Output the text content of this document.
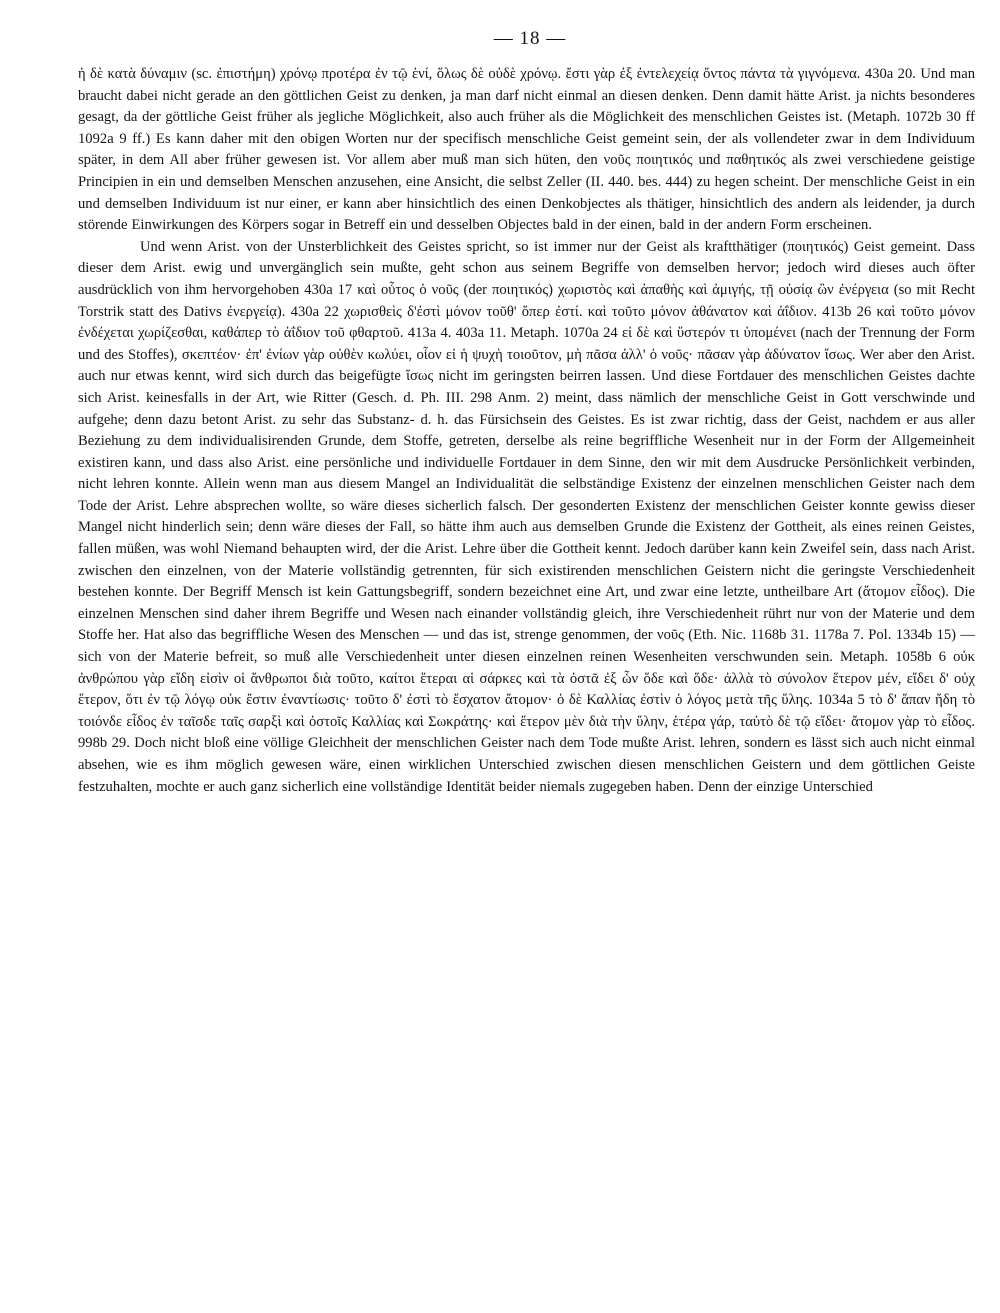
— 18 —

ἡ δὲ κατὰ δύναμιν (sc. ἐπιστήμη) χρόνῳ προτέρα ἐν τῷ ἑνί, ὅλως δὲ οὐδὲ χρόνῳ. ἔστι γὰρ ἐξ ἐντελεχείᾳ ὄντος πάντα τὰ γιγνόμενα. 430a 20. Und man braucht dabei nicht gerade an den göttlichen Geist zu denken, ja man darf nicht einmal an diesen denken. Denn damit hätte Arist. ja nichts besonderes gesagt, da der göttliche Geist früher als jegliche Möglichkeit, also auch früher als die Möglichkeit des menschlichen Geistes ist. (Metaph. 1072b 30 ff 1092a 9 ff.) Es kann daher mit den obigen Worten nur der specifisch menschliche Geist gemeint sein, der als vollendeter zwar in dem Individuum später, in dem All aber früher gewesen ist. Vor allem aber muß man sich hüten, den νοῦς ποιητικός und παθητικός als zwei verschiedene geistige Principien in ein und demselben Menschen anzusehen, eine Ansicht, die selbst Zeller (II. 440. bes. 444) zu hegen scheint. Der menschliche Geist in ein und demselben Individuum ist nur einer, er kann aber hinsichtlich des einen Denkobjectes als thätiger, hinsichtlich des andern als leidender, ja durch störende Einwirkungen des Körpers sogar in Betreff ein und desselben Objectes bald in der einen, bald in der andern Form erscheinen.

Und wenn Arist. von der Unsterblichkeit des Geistes spricht, so ist immer nur der Geist als kraftthätiger (ποιητικός) Geist gemeint. Dass dieser dem Arist. ewig und unvergänglich sein mußte, geht schon aus seinem Begriffe von demselben hervor; jedoch wird dieses auch öfter ausdrücklich von ihm hervorgehoben 430a 17 καὶ οὗτος ὁ νοῦς (der ποιητικός) χωριστὸς καὶ ἀπαθὴς καὶ ἀμιγής, τῇ οὐσίᾳ ὢν ἐνέργεια (so mit Recht Torstrik statt des Dativs ἐνεργείᾳ). 430a 22 χωρισθεὶς δ'ἐστὶ μόνον τοῦθ' ὅπερ ἐστί. καὶ τοῦτο μόνον ἀθάνατον καὶ ἀΐδιον. 413b 26 καὶ τοῦτο μόνον ἐνδέχεται χωρίζεσθαι, καθάπερ τὸ ἀΐδιον τοῦ φθαρτοῦ. 413a 4. 403a 11. Metaph. 1070a 24 εἰ δὲ καὶ ὕστερόν τι ὑπομένει (nach der Trennung der Form und des Stoffes), σκεπτέον· ἐπ' ἐνίων γὰρ οὐθὲν κωλύει, οἷον εἰ ἡ ψυχὴ τοιοῦτον, μὴ πᾶσα ἀλλ' ὁ νοῦς· πᾶσαν γὰρ ἀδύνατον ἴσως. Wer aber den Arist. auch nur etwas kennt, wird sich durch das beigefügte ἴσως nicht im geringsten beirren lassen. Und diese Fortdauer des menschlichen Geistes dachte sich Arist. keinesfalls in der Art, wie Ritter (Gesch. d. Ph. III. 298 Anm. 2) meint, dass nämlich der menschliche Geist in Gott verschwinde und aufgehe; denn dazu betont Arist. zu sehr das Substanz- d. h. das Fürsichsein des Geistes. Es ist zwar richtig, dass der Geist, nachdem er aus aller Beziehung zu dem individualisirenden Grunde, dem Stoffe, getreten, derselbe als reine begriffliche Wesenheit nur in der Form der Allgemeinheit existiren kann, und dass also Arist. eine persönliche und individuelle Fortdauer in dem Sinne, den wir mit dem Ausdrucke Persönlichkeit verbinden, nicht lehren konnte. Allein wenn man aus diesem Mangel an Individualität die selbständige Existenz der einzelnen menschlichen Geister nach dem Tode der Arist. Lehre absprechen wollte, so wäre dieses sicherlich falsch. Der gesonderten Existenz der menschlichen Geister konnte gewiss dieser Mangel nicht hinderlich sein; denn wäre dieses der Fall, so hätte ihm auch aus demselben Grunde die Existenz der Gottheit, als eines reinen Geistes, fallen müßen, was wohl Niemand behaupten wird, der die Arist. Lehre über die Gottheit kennt. Jedoch darüber kann kein Zweifel sein, dass nach Arist. zwischen den einzelnen, von der Materie vollständig getrennten, für sich existirenden menschlichen Geistern nicht die geringste Verschiedenheit bestehen konnte. Der Begriff Mensch ist kein Gattungsbegriff, sondern bezeichnet eine Art, und zwar eine letzte, untheilbare Art (ἄτομον εἶδος). Die einzelnen Menschen sind daher ihrem Begriffe und Wesen nach einander vollständig gleich, ihre Verschiedenheit rührt nur von der Materie und dem Stoffe her. Hat also das begriffliche Wesen des Menschen — und das ist, strenge genommen, der νοῦς (Eth. Nic. 1168b 31. 1178a 7. Pol. 1334b 15) — sich von der Materie befreit, so muß alle Verschiedenheit unter diesen einzelnen reinen Wesenheiten verschwunden sein. Metaph. 1058b 6 οὐκ ἀνθρώπου γὰρ εἴδη εἰσὶν οἱ ἄνθρωποι διὰ τοῦτο, καίτοι ἕτεραι αἱ σάρκες καὶ τὰ ὀστᾶ ἐξ ὧν ὅδε καὶ ὅδε· ἀλλὰ τὸ σύνολον ἕτερον μέν, εἴδει δ' οὐχ ἕτερον, ὅτι ἐν τῷ λόγῳ οὐκ ἔστιν ἐναντίωσις· τοῦτο δ' ἐστὶ τὸ ἔσχατον ἄτομον· ὁ δὲ Καλλίας ἐστὶν ὁ λόγος μετὰ τῆς ὕλης. 1034a 5 τὸ δ' ἅπαν ἤδη τὸ τοιόνδε εἶδος ἐν ταῖσδε ταῖς σαρξὶ καὶ ὀστοῖς Καλλίας καὶ Σωκράτης· καὶ ἕτερον μὲν διὰ τὴν ὕλην, ἑτέρα γάρ, ταὐτὸ δὲ τῷ εἴδει· ἄτομον γὰρ τὸ εἶδος. 998b 29. Doch nicht bloß eine völlige Gleichheit der menschlichen Geister nach dem Tode mußte Arist. lehren, sondern es lässt sich auch nicht einmal absehen, wie es ihm möglich gewesen wäre, einen wirklichen Unterschied zwischen diesen menschlichen Geistern und dem göttlichen Geiste festzuhalten, mochte er auch ganz sicherlich eine vollständige Identität beider niemals zugegeben haben. Denn der einzige Unterschied
